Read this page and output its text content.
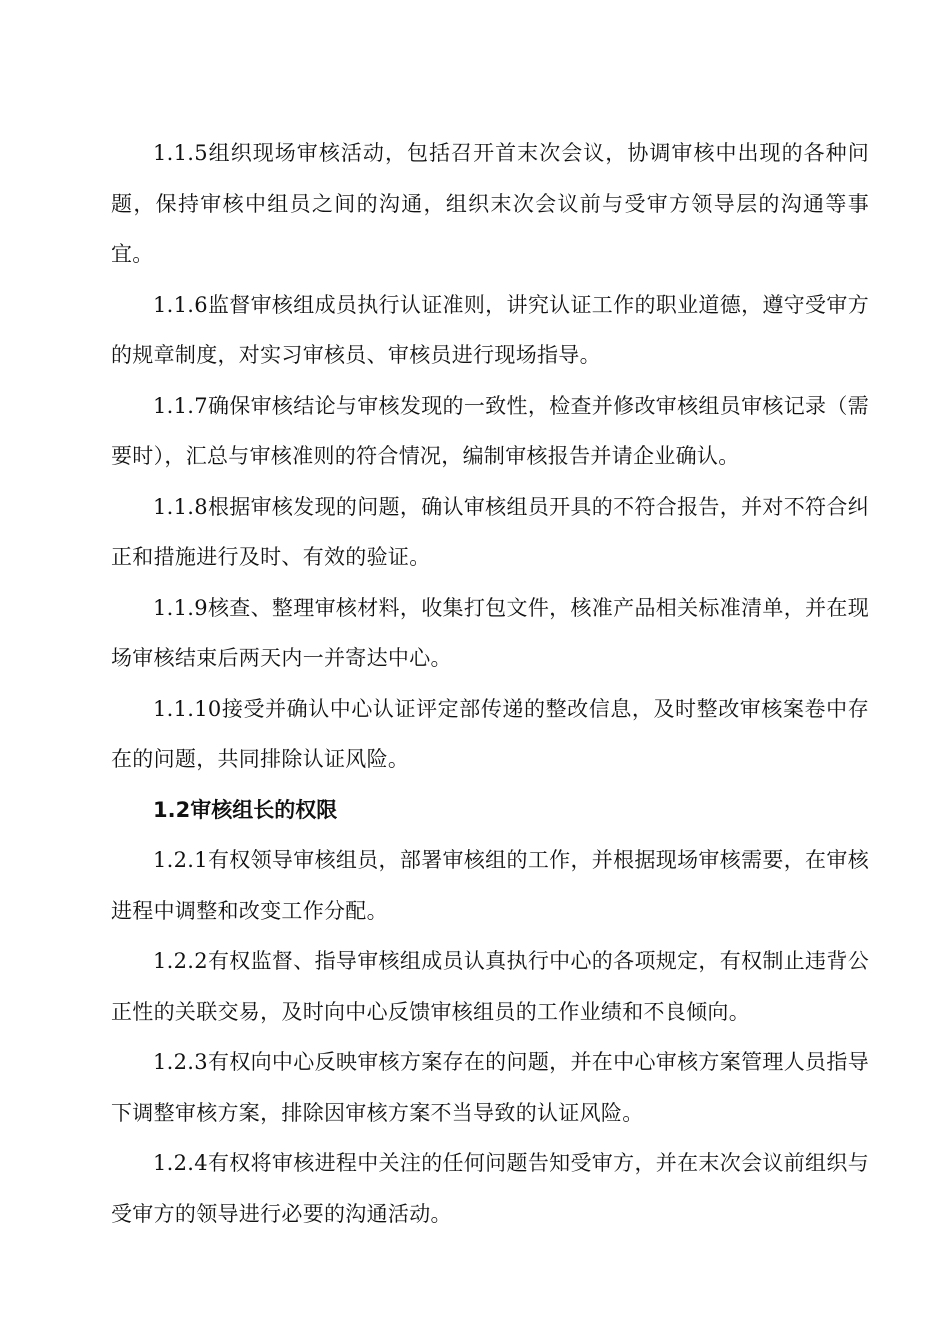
1.1.5组织现场审核活动，包括召开首末次会议，协调审核中出现的各种问题，保持审核中组员之间的沟通，组织末次会议前与受审方领导层的沟通等事宜。

1.1.6监督审核组成员执行认证准则，讲究认证工作的职业道德，遵守受审方的规章制度，对实习审核员、审核员进行现场指导。

1.1.7确保审核结论与审核发现的一致性，检查并修改审核组员审核记录（需要时），汇总与审核准则的符合情况，编制审核报告并请企业确认。

1.1.8根据审核发现的问题，确认审核组员开具的不符合报告，并对不符合纠正和措施进行及时、有效的验证。

1.1.9核查、整理审核材料，收集打包文件，核准产品相关标准清单，并在现场审核结束后两天内一并寄达中心。

1.1.10接受并确认中心认证评定部传递的整改信息，及时整改审核案卷中存在的问题，共同排除认证风险。

1.2审核组长的权限

1.2.1有权领导审核组员，部署审核组的工作，并根据现场审核需要，在审核进程中调整和改变工作分配。

1.2.2有权监督、指导审核组成员认真执行中心的各项规定，有权制止违背公正性的关联交易，及时向中心反馈审核组员的工作业绩和不良倾向。

1.2.3有权向中心反映审核方案存在的问题，并在中心审核方案管理人员指导下调整审核方案，排除因审核方案不当导致的认证风险。

1.2.4有权将审核进程中关注的任何问题告知受审方，并在末次会议前组织与受审方的领导进行必要的沟通活动。
